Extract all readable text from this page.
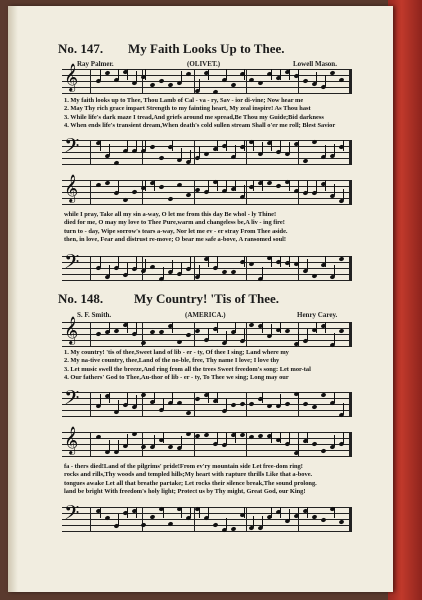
No. 147. My Faith Looks Up to Thee.
Ray Palmer.	(OLIVET.)	Lowell Mason.
𝄞
1. My faith looks up to Thee, Thou Lamb of Cal - va - ry, Sav - ior di-vine; Now hear me
2. May Thy rich grace impart Strength to my fainting heart, My zeal inspire! As Thou hast
3. While life's dark maze I tread,And griefs around me spread,Be Thou my Guide;Bid darkness
4. When ends life's transient dream,When death's cold sullen stream Shall o'er me roll; Blest Savior
𝄢
𝄞
while I pray, Take all my sin a-way, O let me from this day Be whol - ly Thine!
died for me, O may my love to Thee Pure,warm and changeless be,A liv - ing fire!
turn to - day, Wipe sorrow's tears a-way, Nor let me ev - er stray From Thee aside.
then, in love, Fear and distrust re-move; O bear me safe a-bove, A ransomed soul!
𝄢
No. 148. My Country! 'Tis of Thee.
S. F. Smith.	(AMERICA.)	Henry Carey.
𝄞
1. My country! 'tis of thee,Sweet land of lib - er - ty, Of thee I sing; Land where my
2. My na-tive country, thee,Land of the no-ble, free, Thy name I love; I love thy
3. Let music swell the breeze,And ring from all the trees Sweet freedom's song: Let mor-tal
4. Our fathers' God to Thee,Au-thor of lib - er - ty, To Thee we sing; Long may our
𝄢
𝄞
fa - thers died!Land of the pilgrims' pride!From ev'ry mountain side Let free-dom ring!
rocks and rills,Thy woods and templed hills;My heart with rapture thrills Like that a-bove.
tongues awake Let all that breathe partake; Let rocks their silence break,The sound prolong.
land be bright With freedom's holy light; Protect us by Thy might, Great God, our King!
𝄢
